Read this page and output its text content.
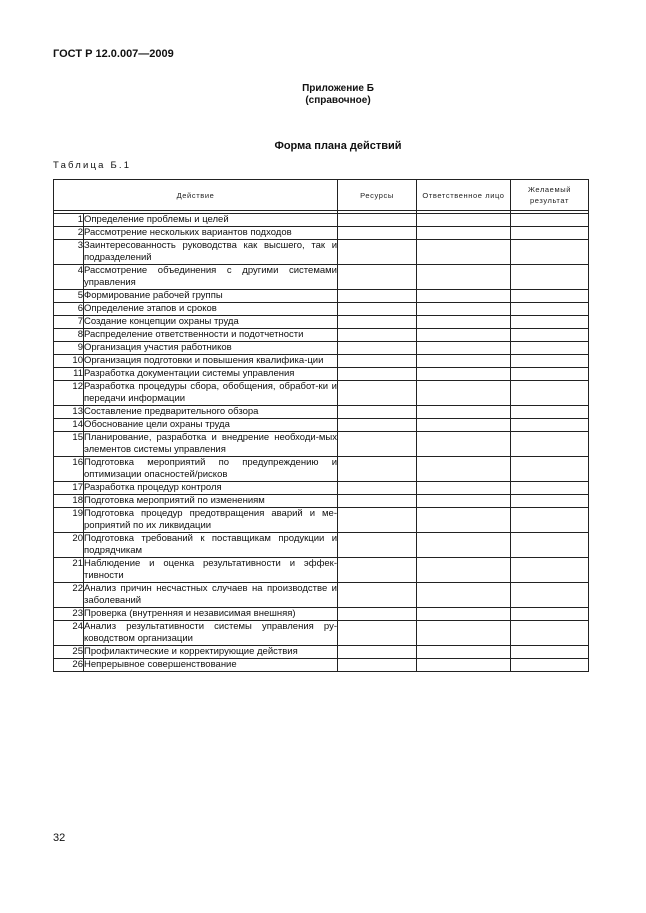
ГОСТ Р 12.0.007—2009
Приложение Б
(справочное)
Форма плана действий
Таблица Б.1
Действие		Ресурсы	Ответственное лицо	Желаемый результат

1	Определение проблемы и целей			
2	Рассмотрение нескольких вариантов подходов			
3	Заинтересованность руководства как высшего, так и подразделений			
4	Рассмотрение объединения с другими системами управления			
5	Формирование рабочей группы			
6	Определение этапов и сроков			
7	Создание концепции охраны труда			
8	Распределение ответственности и подотчетности			
9	Организация участия работников			
10	Организация подготовки и повышения квалифика-ции			
11	Разработка документации системы управления			
12	Разработка процедуры сбора, обобщения, обработ-ки и передачи информации			
13	Составление предварительного обзора			
14	Обоснование цели охраны труда			
15	Планирование, разработка и внедрение необходи-мых элементов системы управления			
16	Подготовка мероприятий по предупреждению и оптимизации опасностей/рисков			
17	Разработка процедур контроля			
18	Подготовка мероприятий по изменениям			
19	Подготовка процедур предотвращения аварий и ме-роприятий по их ликвидации			
20	Подготовка требований к поставщикам продукции и подрядчикам			
21	Наблюдение и оценка результативности и эффек-тивности			
22	Анализ причин несчастных случаев на производстве и заболеваний			
23	Проверка (внутренняя и независимая внешняя)			
24	Анализ результативности системы управления ру-ководством организации			
25	Профилактические и корректирующие действия			
26	Непрерывное совершенствование			
32
